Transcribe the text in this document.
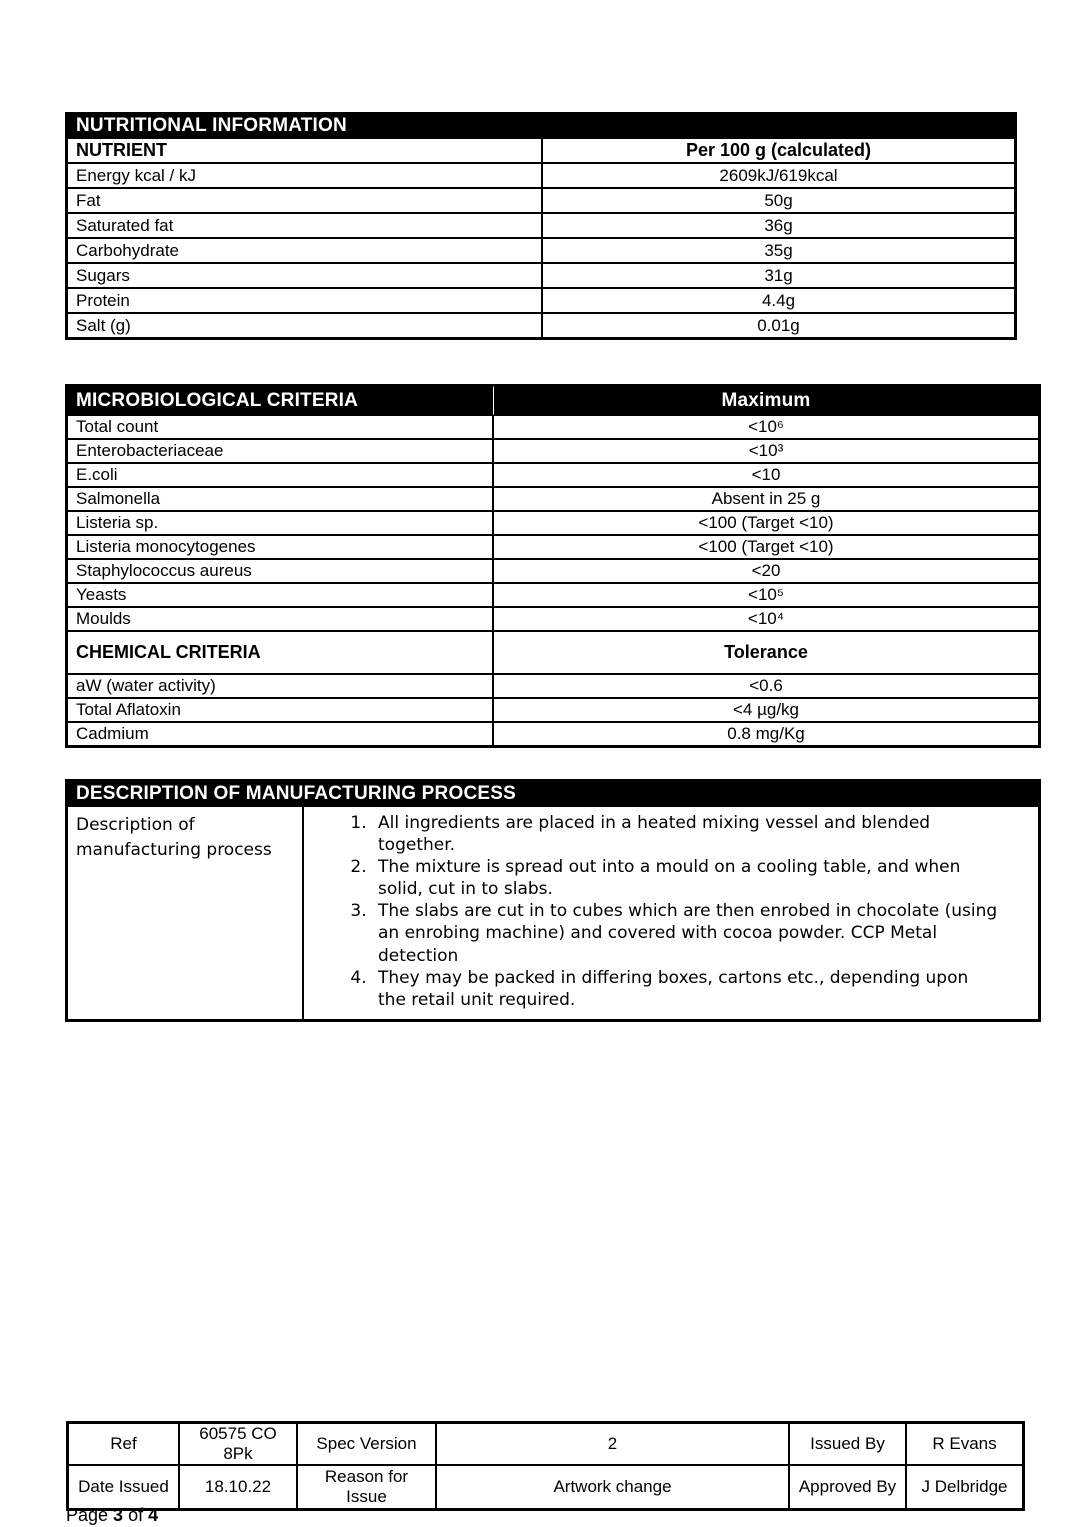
NUTRITIONAL INFORMATION	
NUTRIENT	Per 100 g (calculated)
Energy kcal / kJ	2609kJ/619kcal
Fat	50g
Saturated fat	36g
Carbohydrate	35g
Sugars	31g
Protein	4.4g
Salt (g)	0.01g
MICROBIOLOGICAL CRITERIA	Maximum
Total count	<10⁶
Enterobacteriaceae	<10³
E.coli	<10
Salmonella	Absent in 25 g
Listeria sp.	<100 (Target <10)
Listeria monocytogenes	<100 (Target <10)
Staphylococcus aureus	<20
Yeasts	<10⁵
Moulds	<10⁴
CHEMICAL CRITERIA	Tolerance
aW (water activity)	<0.6
Total Aflatoxin	<4 µg/kg
Cadmium	0.8 mg/Kg
DESCRIPTION OF MANUFACTURING PROCESS
Description of manufacturing process	
1. All ingredients are placed in a heated mixing vessel and blended together.
2. The mixture is spread out into a mould on a cooling table, and when solid, cut in to slabs.
3. The slabs are cut in to cubes which are then enrobed in chocolate (using an enrobing machine) and covered with cocoa powder. CCP Metal detection
4. They may be packed in differing boxes, cartons etc., depending upon the retail unit required.
Ref	60575 CO 8Pk	Spec Version	2	Issued By	R Evans
Date Issued	18.10.22	Reason for Issue	Artwork change	Approved By	J Delbridge
Page 3 of 4
